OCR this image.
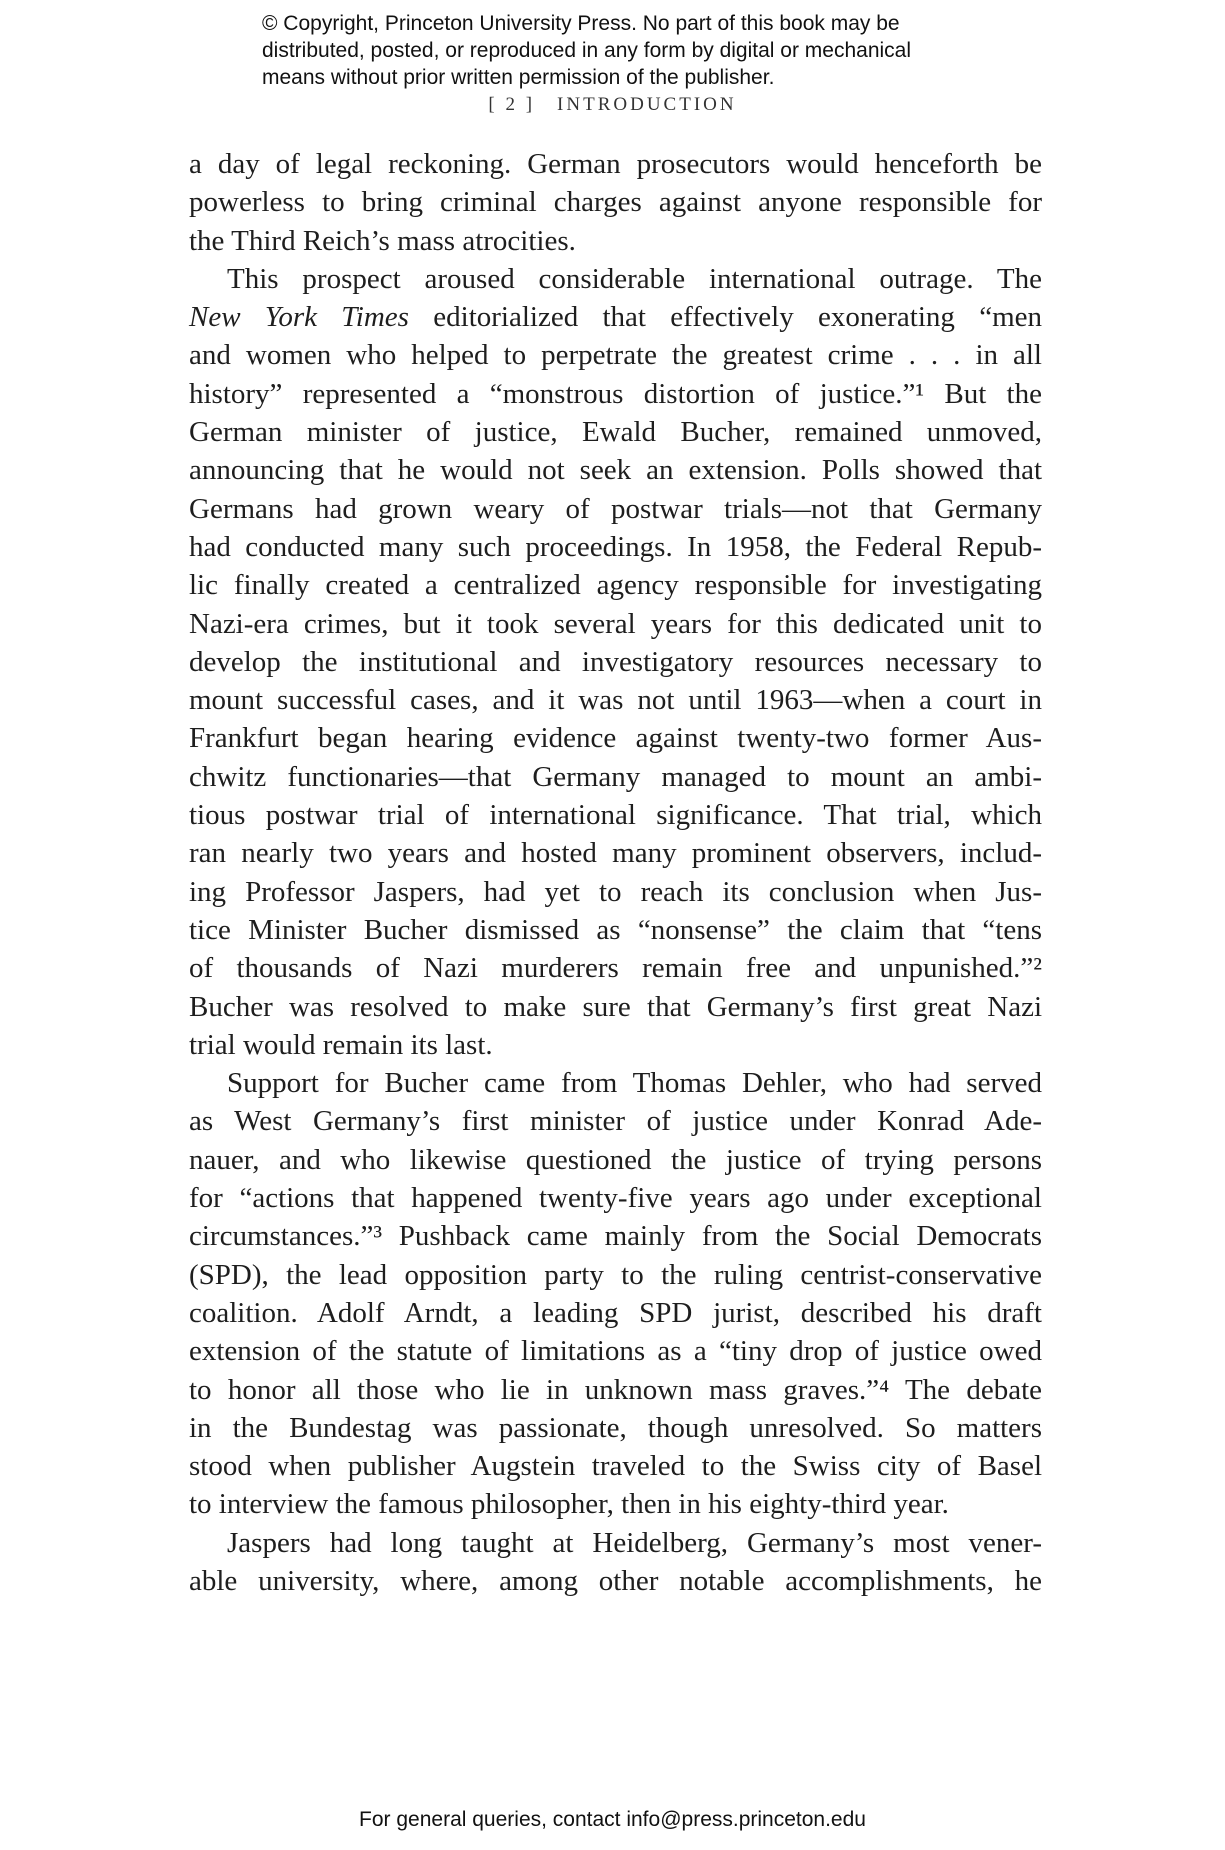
© Copyright, Princeton University Press. No part of this book may be
distributed, posted, or reproduced in any form by digital or mechanical
means without prior written permission of the publisher.
[ 2 ] INTRODUCTION
a day of legal reckoning. German prosecutors would henceforth be
powerless to bring criminal charges against anyone responsible for
the Third Reich’s mass atrocities.
This prospect aroused considerable international outrage. The
New York Times editorialized that effectively exonerating “men
and women who helped to perpetrate the greatest crime . . . in all
history” represented a “monstrous distortion of justice.”¹ But the
German minister of justice, Ewald Bucher, remained unmoved,
announcing that he would not seek an extension. Polls showed that
Germans had grown weary of postwar trials—not that Germany
had conducted many such proceedings. In 1958, the Federal Repub-
lic finally created a centralized agency responsible for investigating
Nazi-era crimes, but it took several years for this dedicated unit to
develop the institutional and investigatory resources necessary to
mount successful cases, and it was not until 1963—when a court in
Frankfurt began hearing evidence against twenty-two former Aus-
chwitz functionaries—that Germany managed to mount an ambi-
tious postwar trial of international significance. That trial, which
ran nearly two years and hosted many prominent observers, includ-
ing Professor Jaspers, had yet to reach its conclusion when Jus-
tice Minister Bucher dismissed as “nonsense” the claim that “tens
of thousands of Nazi murderers remain free and unpunished.”²
Bucher was resolved to make sure that Germany’s first great Nazi
trial would remain its last.
Support for Bucher came from Thomas Dehler, who had served
as West Germany’s first minister of justice under Konrad Ade-
nauer, and who likewise questioned the justice of trying persons
for “actions that happened twenty-five years ago under exceptional
circumstances.”³ Pushback came mainly from the Social Democrats
(SPD), the lead opposition party to the ruling centrist-conservative
coalition. Adolf Arndt, a leading SPD jurist, described his draft
extension of the statute of limitations as a “tiny drop of justice owed
to honor all those who lie in unknown mass graves.”⁴ The debate
in the Bundestag was passionate, though unresolved. So matters
stood when publisher Augstein traveled to the Swiss city of Basel
to interview the famous philosopher, then in his eighty-third year.
Jaspers had long taught at Heidelberg, Germany’s most vener-
able university, where, among other notable accomplishments, he
For general queries, contact info@press.princeton.edu
